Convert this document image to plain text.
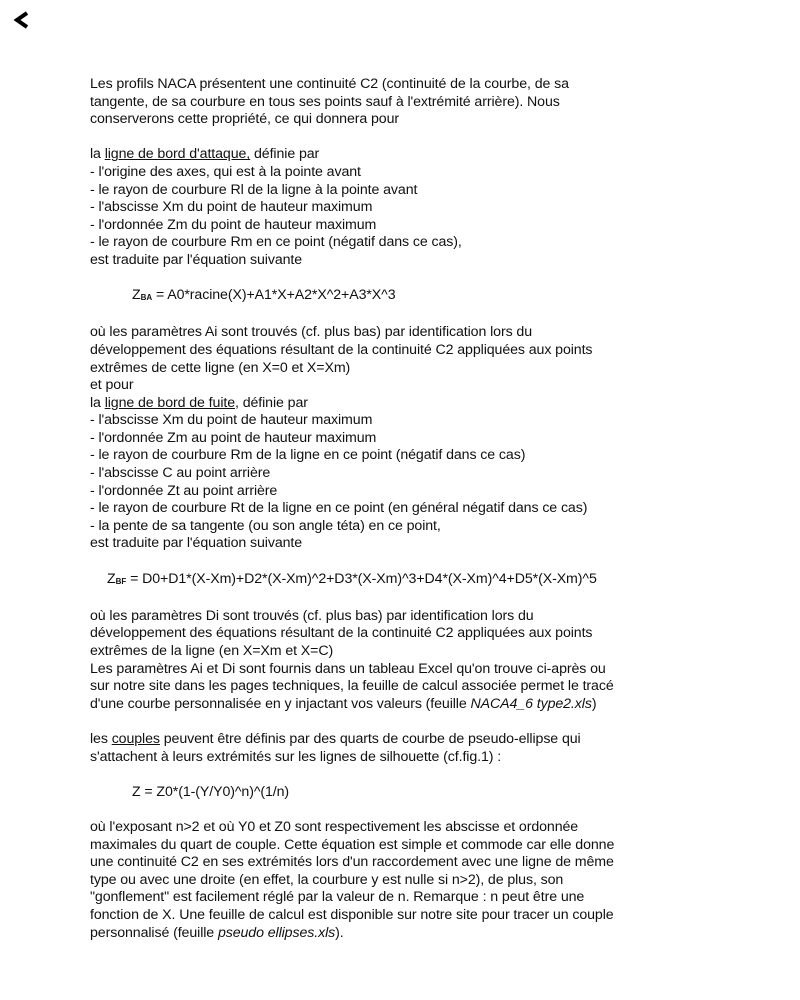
Les profils NACA présentent une continuité C2 (continuité de la courbe, de sa

tangente, de sa courbure en tous ses points sauf à l'extrémité arrière). Nous

conserverons cette propriété, ce qui donnera pour

la ligne de bord d'attaque, définie par

- l'origine des axes, qui est à la pointe avant

- le rayon de courbure Rl de la ligne à la pointe avant

- l'abscisse Xm du point de hauteur maximum

- l'ordonnée Zm du point de hauteur maximum

- le rayon de courbure Rm en ce point (négatif dans ce cas),

est traduite par l'équation suivante

ZBA = A0*racine(X)+A1*X+A2*X^2+A3*X^3

où les paramètres Ai sont trouvés (cf. plus bas) par identification lors du

développement des équations résultant de la continuité C2 appliquées aux points

extrêmes de cette ligne (en X=0 et X=Xm)

et pour

la ligne de bord de fuite, définie par

- l'abscisse Xm du point de hauteur maximum

- l'ordonnée Zm au point de hauteur maximum

- le rayon de courbure Rm de la ligne en ce point (négatif dans ce cas)

- l'abscisse C au point arrière

- l'ordonnée Zt au point arrière

- le rayon de courbure Rt de la ligne en ce point (en général négatif dans ce cas)

- la pente de sa tangente (ou son angle téta) en ce point,

est traduite par l'équation suivante

ZBF = D0+D1*(X-Xm)+D2*(X-Xm)^2+D3*(X-Xm)^3+D4*(X-Xm)^4+D5*(X-Xm)^5

où les paramètres Di sont trouvés (cf. plus bas) par identification lors du

développement des équations résultant de la continuité C2 appliquées aux points

extrêmes de la ligne (en X=Xm et X=C)

Les paramètres Ai et Di sont fournis dans un tableau Excel qu'on trouve ci-après ou

sur notre site dans les pages techniques, la feuille de calcul associée permet le tracé

d'une courbe personnalisée en y injactant vos valeurs (feuille NACA4_6 type2.xls)

les couples peuvent être définis par des quarts de courbe de pseudo-ellipse qui

s'attachent à leurs extrémités sur les lignes de silhouette (cf.fig.1) :

Z = Z0*(1-(Y/Y0)^n)^(1/n)

où l'exposant n>2 et où Y0 et Z0 sont respectivement les abscisse et ordonnée

maximales du quart de couple. Cette équation est simple et commode car elle donne

une continuité C2 en ses extrémités lors d'un raccordement avec une ligne de même

type ou avec une droite (en effet, la courbure y est nulle si n>2), de plus, son

"gonflement" est facilement réglé par la valeur de n. Remarque : n peut être une

fonction de X. Une feuille de calcul est disponible sur notre site pour tracer un couple

personnalisé (feuille pseudo ellipses.xls).
